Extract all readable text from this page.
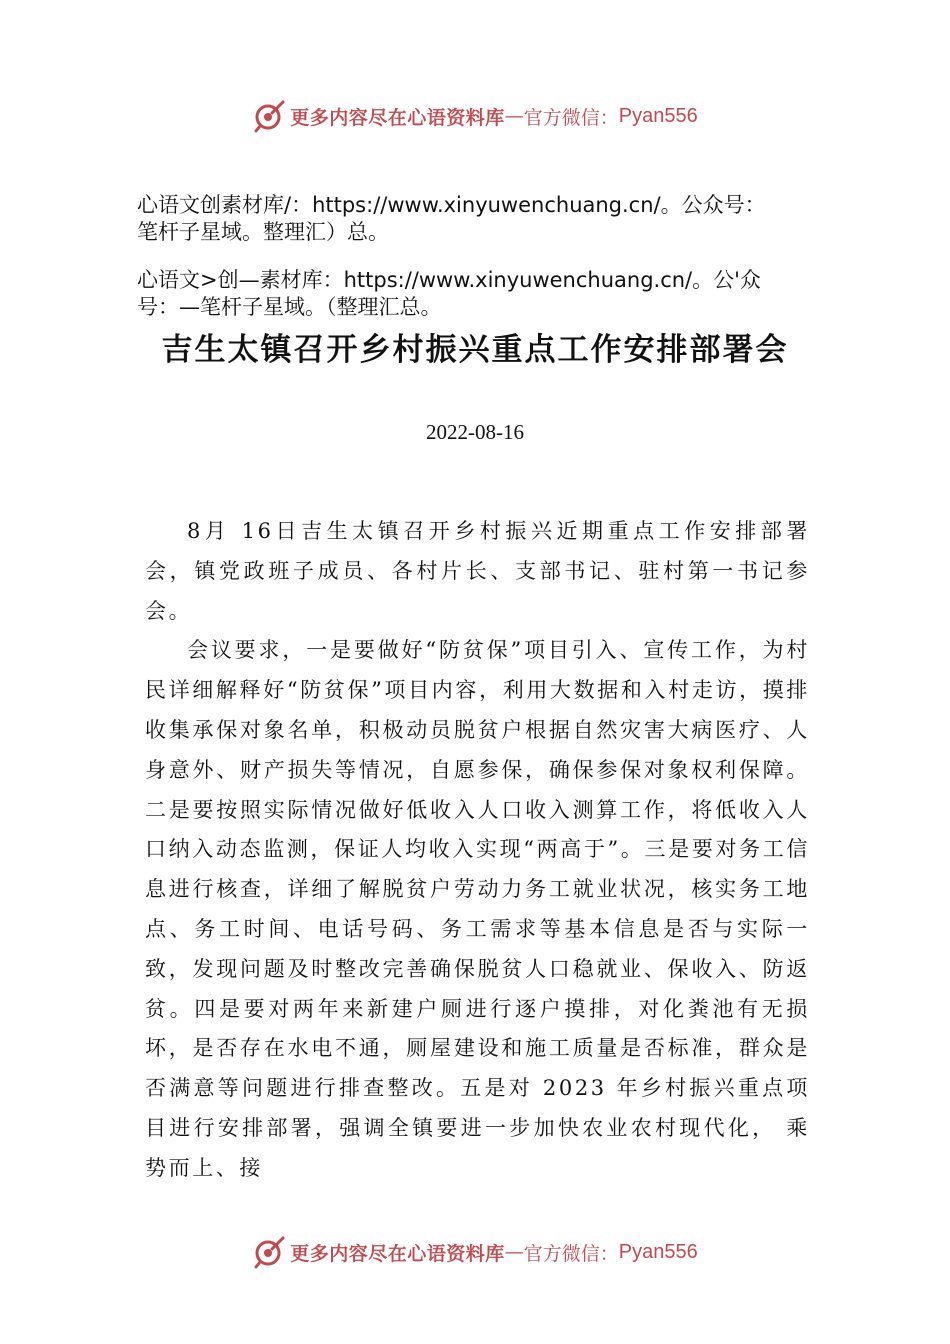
更多内容尽在心语资料库 — 官方微信： Pyan556
心语文创素材库/：https://www.xinyuwenchuang.cn/。公众号：
笔杆子星域。整理汇）总。
心语文>创—素材库：https://www.xinyuwenchuang.cn/。公'众
号：—笔杆子星域。（整理汇总。
吉生太镇召开乡村振兴重点工作安排部署会
2022-08-16

8月 16日吉生太镇召开乡村振兴近期重点工作安排部署会，镇党政班子成员、各村片长、支部书记、驻村第一书记参会。

会议要求，一是要做好“防贫保”项目引入、宣传工作，为村民详细解释好“防贫保”项目内容，利用大数据和入村走访，摸排收集承保对象名单，积极动员脱贫户根据自然灾害大病医疗、人身意外、财产损失等情况，自愿参保，确保参保对象权利保障。二是要按照实际情况做好低收入人口收入测算工作，将低收入人口纳入动态监测，保证人均收入实现“两高于”。三是要对务工信息进行核查，详细了解脱贫户劳动力务工就业状况，核实务工地点、务工时间、电话号码、务工需求等基本信息是否与实际一致，发现问题及时整改完善确保脱贫人口稳就业、保收入、防返贫。四是要对两年来新建户厕进行逐户摸排，对化粪池有无损坏，是否存在水电不通，厕屋建设和施工质量是否标准，群众是否满意等问题进行排查整改。五是对 2023 年乡村振兴重点项目进行安排部署，强调全镇要进一步加快农业农村现代化， 乘势而上、接

更多内容尽在心语资料库 — 官方微信： Pyan556
